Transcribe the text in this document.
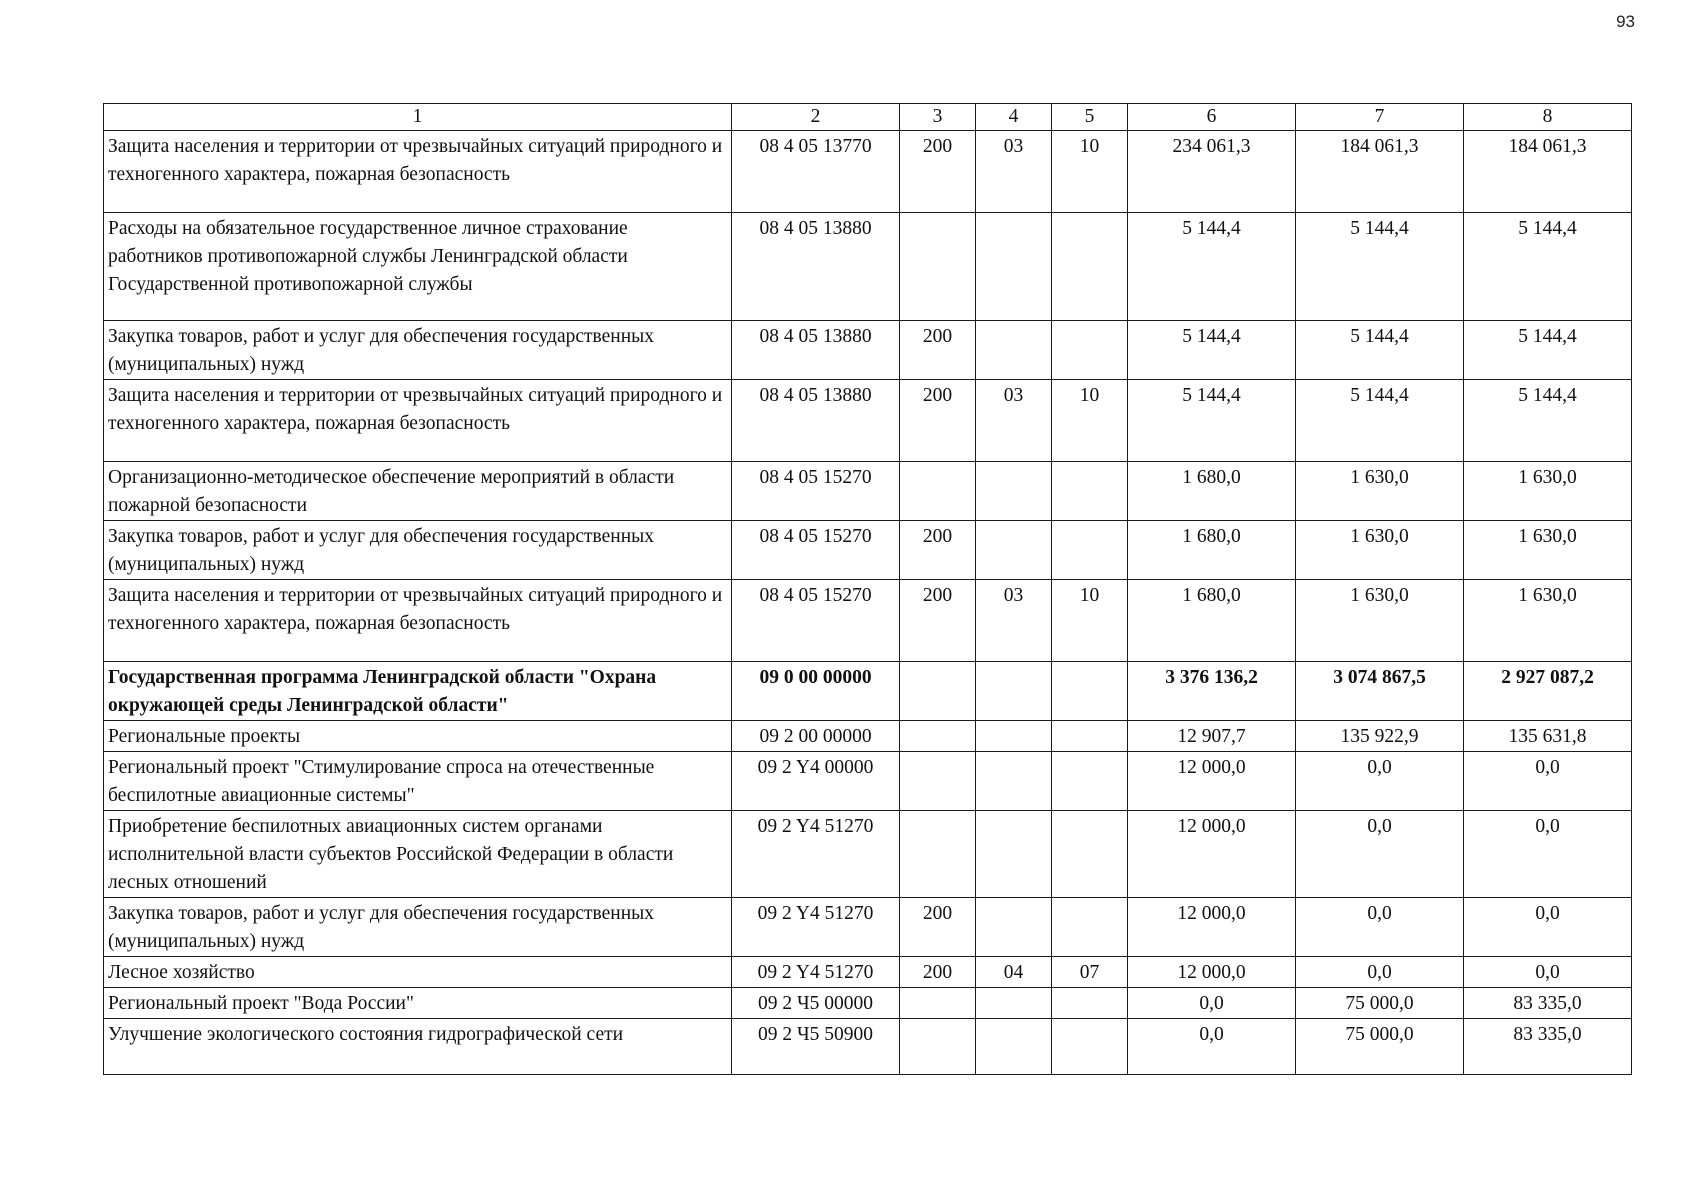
93
1	2	3	4	5	6	7	8
Защита населения и территории от чрезвычайных ситуаций природного и техногенного характера, пожарная безопасность	08 4 05 13770	200	03	10	234 061,3	184 061,3	184 061,3
Расходы на обязательное государственное личное страхование работников противопожарной службы Ленинградской области Государственной противопожарной службы	08 4 05 13880				5 144,4	5 144,4	5 144,4
Закупка товаров, работ и услуг для обеспечения государственных (муниципальных) нужд	08 4 05 13880	200			5 144,4	5 144,4	5 144,4
Защита населения и территории от чрезвычайных ситуаций природного и техногенного характера, пожарная безопасность	08 4 05 13880	200	03	10	5 144,4	5 144,4	5 144,4
Организационно-методическое обеспечение мероприятий в области пожарной безопасности	08 4 05 15270				1 680,0	1 630,0	1 630,0
Закупка товаров, работ и услуг для обеспечения государственных (муниципальных) нужд	08 4 05 15270	200			1 680,0	1 630,0	1 630,0
Защита населения и территории от чрезвычайных ситуаций природного и техногенного характера, пожарная безопасность	08 4 05 15270	200	03	10	1 680,0	1 630,0	1 630,0
Государственная программа Ленинградской области "Охрана окружающей среды Ленинградской области"	09 0 00 00000				3 376 136,2	3 074 867,5	2 927 087,2
Региональные проекты	09 2 00 00000				12 907,7	135 922,9	135 631,8
Региональный проект "Стимулирование спроса на отечественные беспилотные авиационные системы"	09 2 Y4 00000				12 000,0	0,0	0,0
Приобретение беспилотных авиационных систем органами исполнительной власти субъектов Российской Федерации в области лесных отношений	09 2 Y4 51270				12 000,0	0,0	0,0
Закупка товаров, работ и услуг для обеспечения государственных (муниципальных) нужд	09 2 Y4 51270	200			12 000,0	0,0	0,0
Лесное хозяйство	09 2 Y4 51270	200	04	07	12 000,0	0,0	0,0
Региональный проект "Вода России"	09 2 Ч5 00000				0,0	75 000,0	83 335,0
Улучшение экологического состояния гидрографической сети	09 2 Ч5 50900				0,0	75 000,0	83 335,0
